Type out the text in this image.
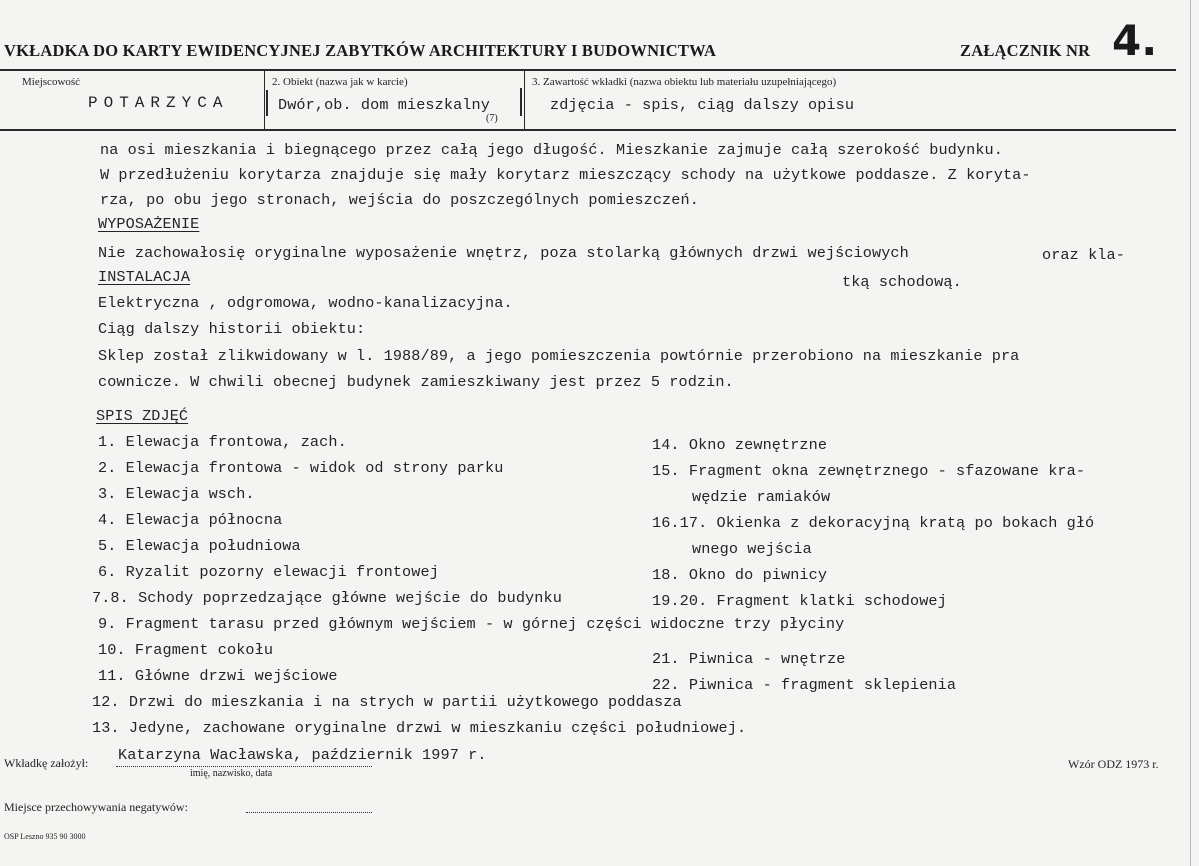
VKŁADKA DO KARTY EWIDENCYJNEJ ZABYTKÓW ARCHITEKTURY I BUDOWNICTWA	ZAŁĄCZNIK NR 4.
Miejscowość
POTARZYCA
2. Obiekt (nazwa jak w karcie)
Dwór,ob. dom mieszkalny
(7)
3. Zawartość wkładki (nazwa obiektu lub materiału uzupełniającego)
zdjęcia - spis, ciąg dalszy opisu
na osi mieszkania i biegnącego przez całą jego długość. Mieszkanie zajmuje całą szerokość budynku.
W przedłużeniu korytarza znajduje się mały korytarz mieszczący schody na użytkowe poddasze. Z koryta-
rza, po obu jego stronach, wejścia do poszczególnych pomieszczeń.
WYPOSAŻENIE
Nie zachowałosię oryginalne wyposażenie wnętrz, poza stolarką głównych drzwi wejściowych	oraz kla-
INSTALACJA	tką schodową.
Elektryczna , odgromowa, wodno-kanalizacyjna.
Ciąg dalszy historii obiektu:
Sklep został zlikwidowany w l. 1988/89, a jego pomieszczenia powtórnie przerobiono na mieszkanie pra
cownicze. W chwili obecnej budynek zamieszkiwany jest przez 5 rodzin.
SPIS ZDJĘĆ
1. Elewacja frontowa, zach.
2. Elewacja frontowa - widok od strony parku
3. Elewacja wsch.
4. Elewacja północna
5. Elewacja południowa
6. Ryzalit pozorny elewacji frontowej
7.8. Schody poprzedzające główne wejście do budynku
9. Fragment tarasu przed głównym wejściem - w górnej części widoczne trzy płyciny
10. Fragment cokołu
11. Główne drzwi wejściowe
12. Drzwi do mieszkania i na strych w partii użytkowego poddasza
13. Jedyne, zachowane oryginalne drzwi w mieszkaniu części południowej.
14. Okno zewnętrzne
15. Fragment okna zewnętrznego - sfazowane kra-
wędzie ramiaków
16.17. Okienka z dekoracyjną kratą po bokach głó
wnego wejścia
18. Okno do piwnicy
19.20. Fragment klatki schodowej
21. Piwnica - wnętrze
22. Piwnica - fragment sklepienia
Wkładkę założył: Katarzyna Wacławska, październik 1997 r.
imię, nazwisko, data
Wzór ODZ 1973 r.
Miejsce przechowywania negatywów:
OSP Leszno 935 90 3000
